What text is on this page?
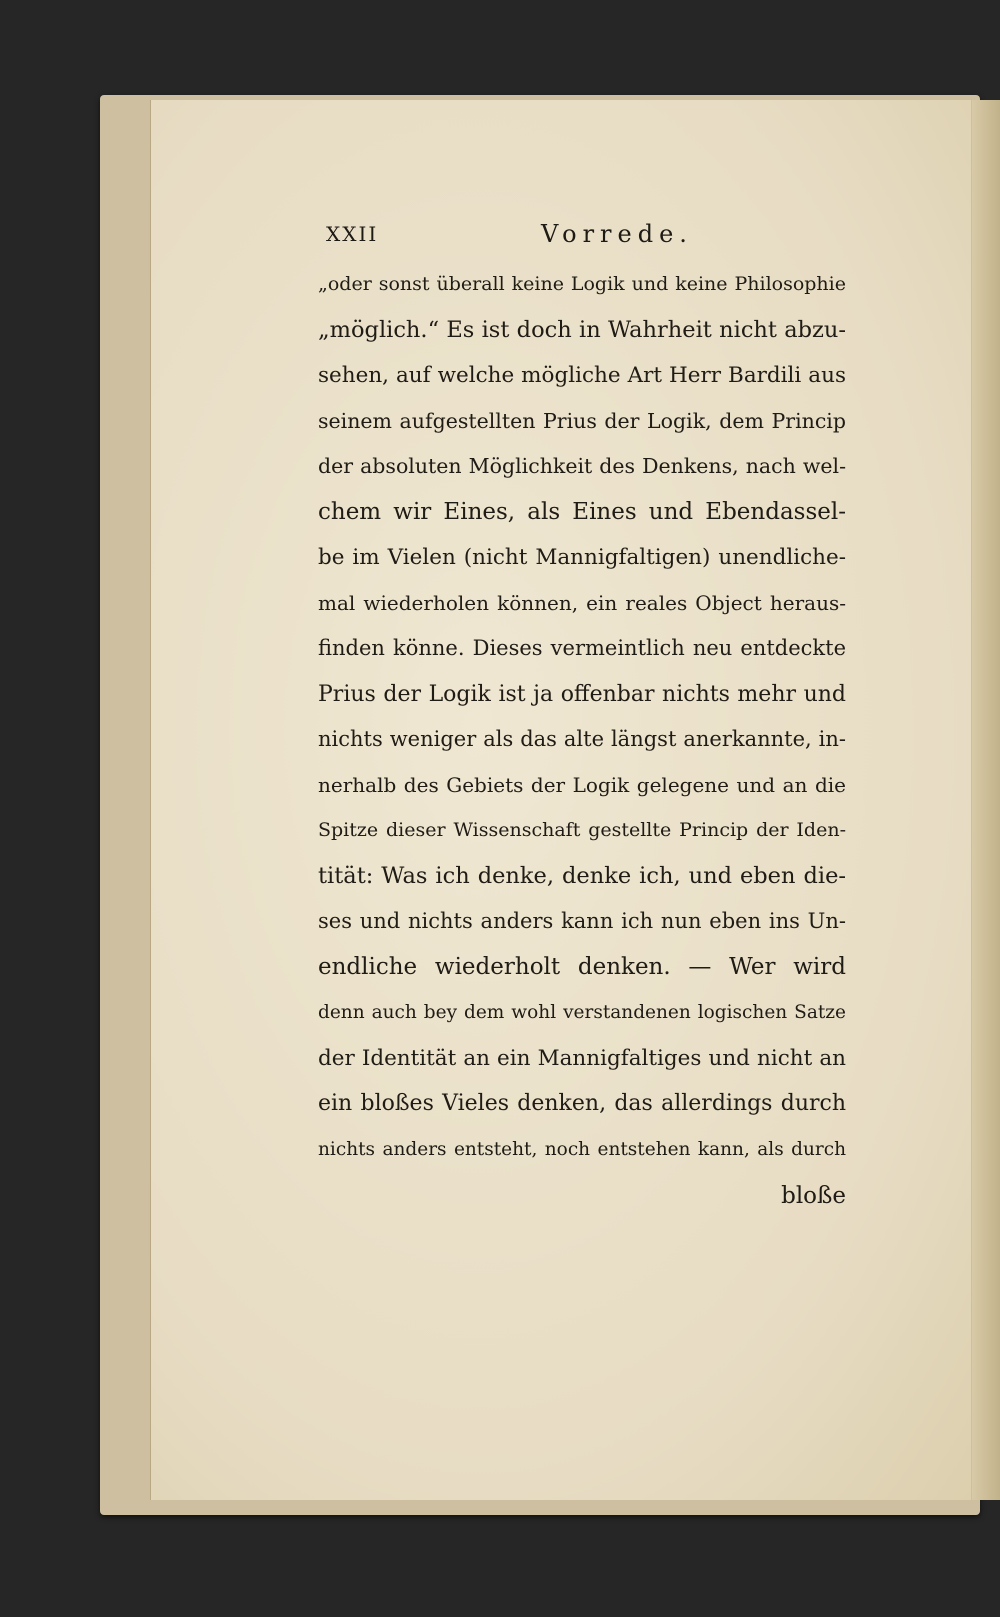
XXII	Vorrede.
„oder sonst überall keine Logik und keine Philosophie
„möglich.“ Es ist doch in Wahrheit nicht abzu-
sehen, auf welche mögliche Art Herr Bardili aus
seinem aufgestellten Prius der Logik, dem Princip
der absoluten Möglichkeit des Denkens, nach wel-
chem wir Eines, als Eines und Ebendassel-
be im Vielen (nicht Mannigfaltigen) unendliche-
mal wiederholen können, ein reales Object heraus-
finden könne. Dieses vermeintlich neu entdeckte
Prius der Logik ist ja offenbar nichts mehr und
nichts weniger als das alte längst anerkannte, in-
nerhalb des Gebiets der Logik gelegene und an die
Spitze dieser Wissenschaft gestellte Princip der Iden-
tität: Was ich denke, denke ich, und eben die-
ses und nichts anders kann ich nun eben ins Un-
endliche wiederholt denken. — Wer wird
denn auch bey dem wohl verstandenen logischen Satze
der Identität an ein Mannigfaltiges und nicht an
ein bloßes Vieles denken, das allerdings durch
nichts anders entsteht, noch entstehen kann, als durch
bloße
